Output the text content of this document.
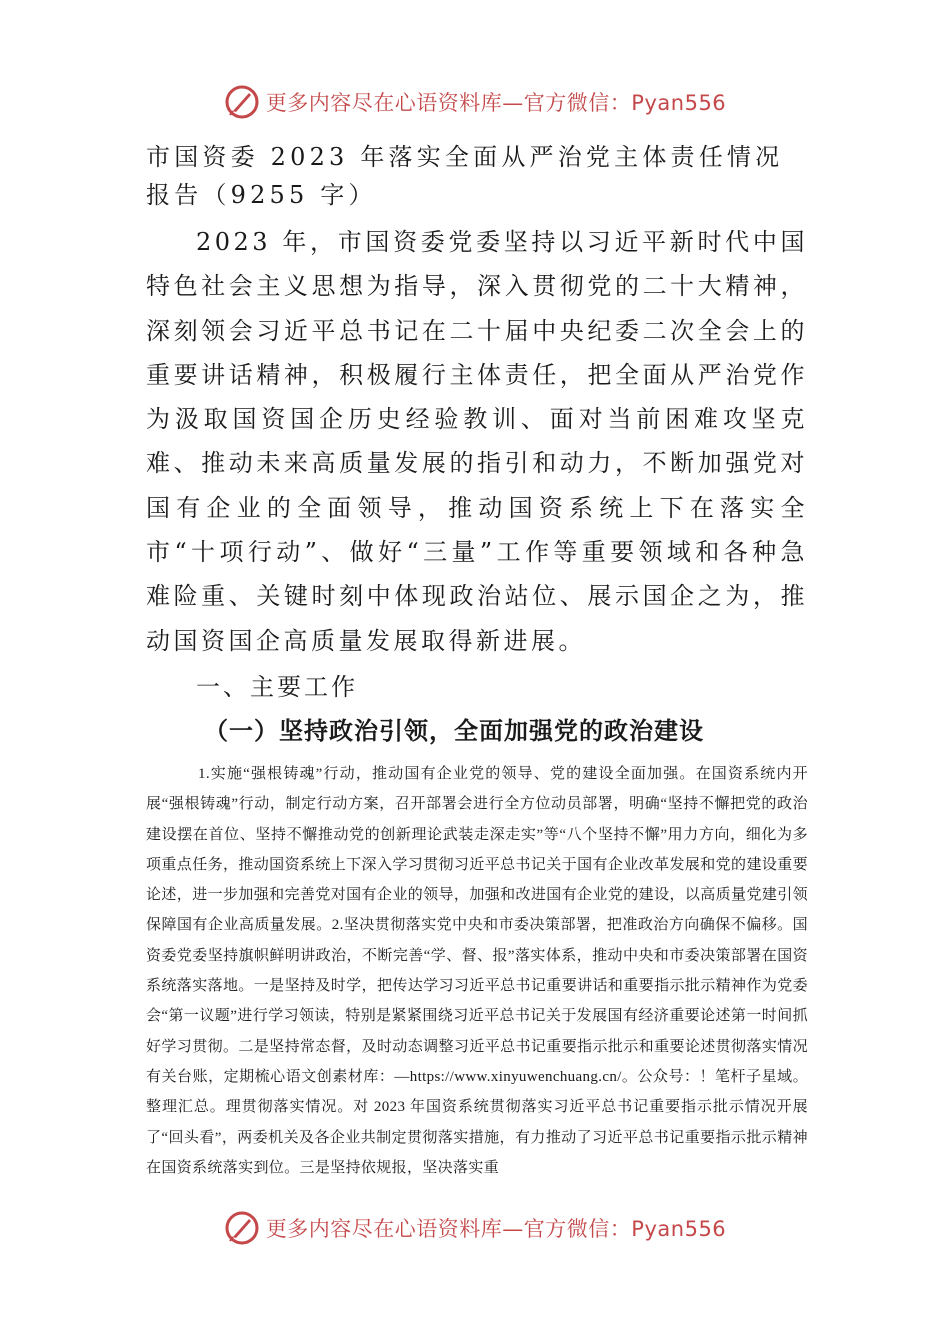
更多内容尽在心语资料库—官方微信：Pyan556
市国资委 2023 年落实全面从严治党主体责任情况报告（9255 字）

2023 年，市国资委党委坚持以习近平新时代中国特色社会主义思想为指导，深入贯彻党的二十大精神，深刻领会习近平总书记在二十届中央纪委二次全会上的重要讲话精神，积极履行主体责任，把全面从严治党作为汲取国资国企历史经验教训、面对当前困难攻坚克难、推动未来高质量发展的指引和动力，不断加强党对国有企业的全面领导，推动国资系统上下在落实全市“十项行动”、做好“三量”工作等重要领域和各种急难险重、关键时刻中体现政治站位、展示国企之为，推动国资国企高质量发展取得新进展。

一、主要工作
（一）坚持政治引领，全面加强党的政治建设

1.实施“强根铸魂”行动，推动国有企业党的领导、党的建设全面加强。在国资系统内开展“强根铸魂”行动，制定行动方案，召开部署会进行全方位动员部署，明确“坚持不懈把党的政治建设摆在首位、坚持不懈推动党的创新理论武装走深走实”等“八个坚持不懈”用力方向，细化为多项重点任务，推动国资系统上下深入学习贯彻习近平总书记关于国有企业改革发展和党的建设重要论述，进一步加强和完善党对国有企业的领导，加强和改进国有企业党的建设，以高质量党建引领保障国有企业高质量发展。2.坚决贯彻落实党中央和市委决策部署，把准政治方向确保不偏移。国资委党委坚持旗帜鲜明讲政治，不断完善“学、督、报”落实体系，推动中央和市委决策部署在国资系统落实落地。一是坚持及时学，把传达学习习近平总书记重要讲话和重要指示批示精神作为党委会“第一议题”进行学习领读，特别是紧紧围绕习近平总书记关于发展国有经济重要论述第一时间抓好学习贯彻。二是坚持常态督，及时动态调整习近平总书记重要指示批示和重要论述贯彻落实情况有关台账，定期梳心语文创素材库：—https://www.xinyuwenchuang.cn/。公众号：！笔杆子星域。整理汇总。理贯彻落实情况。对 2023 年国资系统贯彻落实习近平总书记重要指示批示情况开展了“回头看”，两委机关及各企业共制定贯彻落实措施，有力推动了习近平总书记重要指示批示精神在国资系统落实到位。三是坚持依规报，坚决落实重

更多内容尽在心语资料库—官方微信：Pyan556
